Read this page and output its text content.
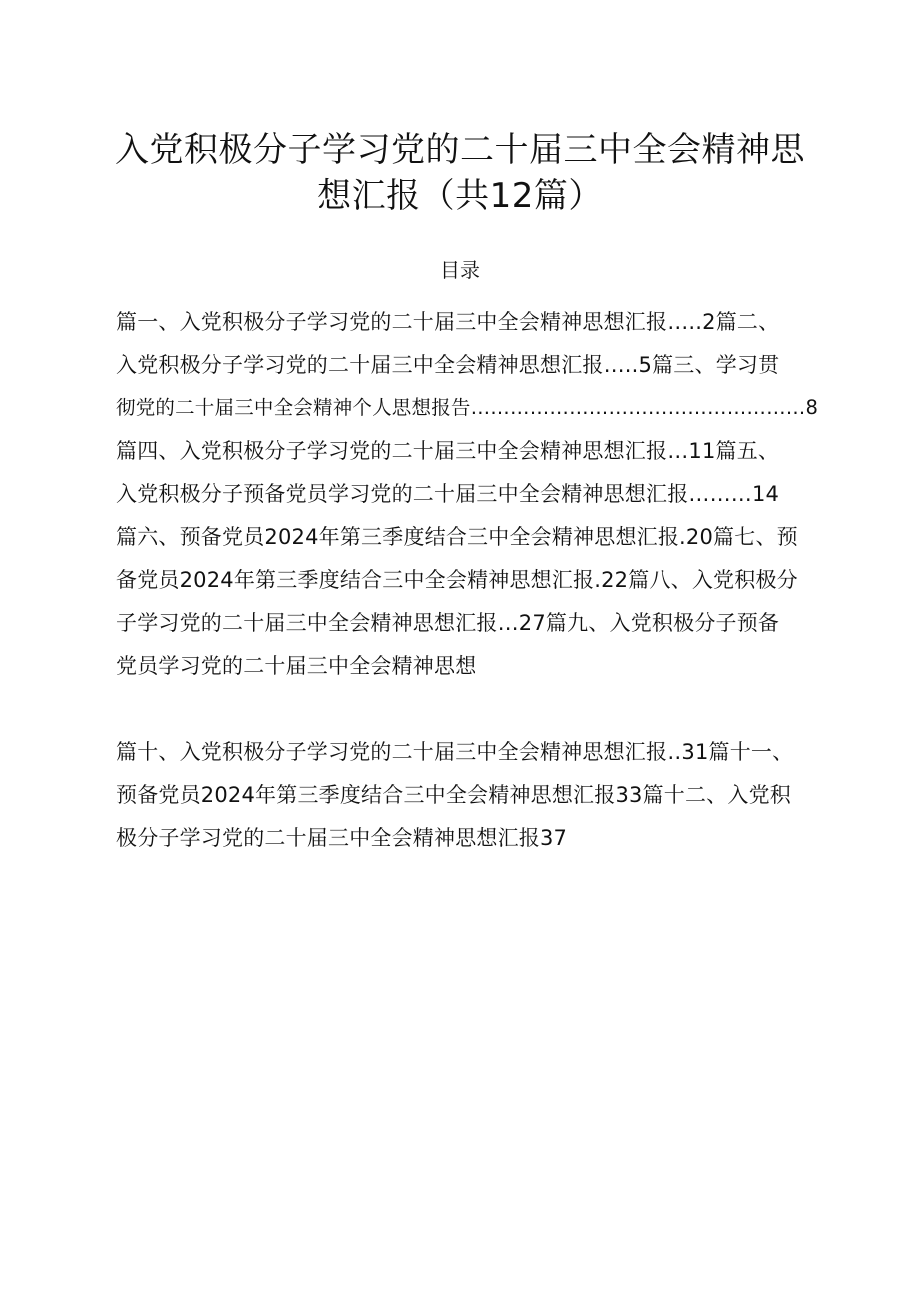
入党积极分子学习党的二十届三中全会精神思
想汇报（共12篇）
目录
篇一、入党积极分子学习党的二十届三中全会精神思想汇报…..2篇二、
入党积极分子学习党的二十届三中全会精神思想汇报…..5篇三、学习贯
彻党的二十届三中全会精神个人思想报告……………………………………………8
篇四、入党积极分子学习党的二十届三中全会精神思想汇报…11篇五、
入党积极分子预备党员学习党的二十届三中全会精神思想汇报………14
篇六、预备党员2024年第三季度结合三中全会精神思想汇报.20篇七、预
备党员2024年第三季度结合三中全会精神思想汇报.22篇八、入党积极分
子学习党的二十届三中全会精神思想汇报…27篇九、入党积极分子预备
党员学习党的二十届三中全会精神思想
篇十、入党积极分子学习党的二十届三中全会精神思想汇报‥31篇十一、
预备党员2024年第三季度结合三中全会精神思想汇报33篇十二、入党积
极分子学习党的二十届三中全会精神思想汇报37
